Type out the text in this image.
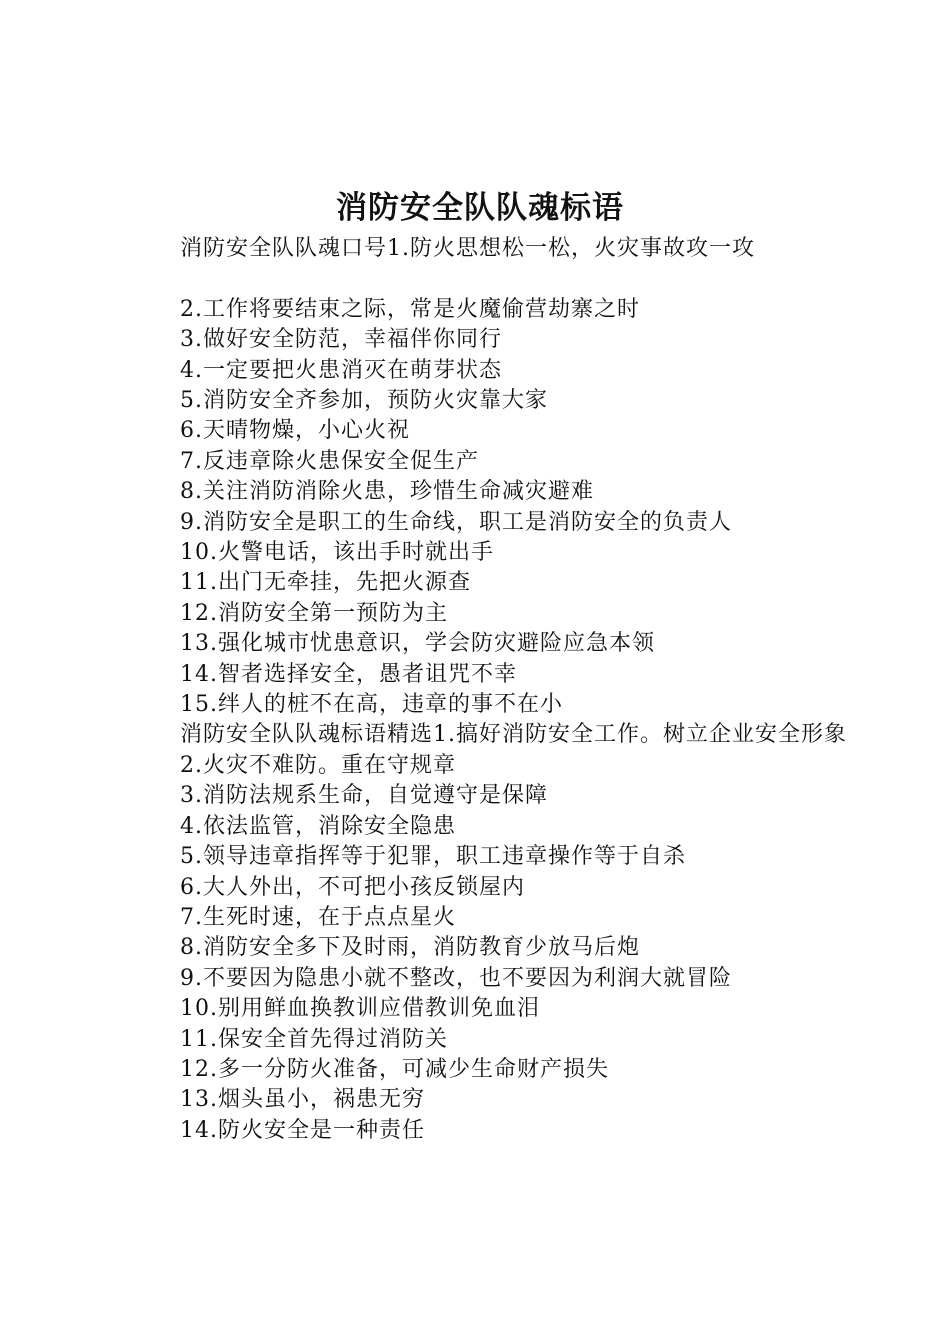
消防安全队队魂标语

消防安全队队魂口号1.防火思想松一松，火灾事故攻一攻

2.工作将要结束之际，常是火魔偷营劫寨之时

3.做好安全防范，幸福伴你同行

4.一定要把火患消灭在萌芽状态

5.消防安全齐参加，预防火灾靠大家

6.天晴物燥，小心火祝

7.反违章除火患保安全促生产

8.关注消防消除火患，珍惜生命减灾避难

9.消防安全是职工的生命线，职工是消防安全的负责人

10.火警电话，该出手时就出手

11.出门无牵挂，先把火源查

12.消防安全第一预防为主

13.强化城市忧患意识，学会防灾避险应急本领

14.智者选择安全，愚者诅咒不幸

15.绊人的桩不在高，违章的事不在小

消防安全队队魂标语精选1.搞好消防安全工作。树立企业安全形象

2.火灾不难防。重在守规章

3.消防法规系生命，自觉遵守是保障

4.依法监管，消除安全隐患

5.领导违章指挥等于犯罪，职工违章操作等于自杀

6.大人外出，不可把小孩反锁屋内

7.生死时速，在于点点星火

8.消防安全多下及时雨，消防教育少放马后炮

9.不要因为隐患小就不整改，也不要因为利润大就冒险

10.别用鲜血换教训应借教训免血泪

11.保安全首先得过消防关

12.多一分防火准备，可减少生命财产损失

13.烟头虽小，祸患无穷

14.防火安全是一种责任
